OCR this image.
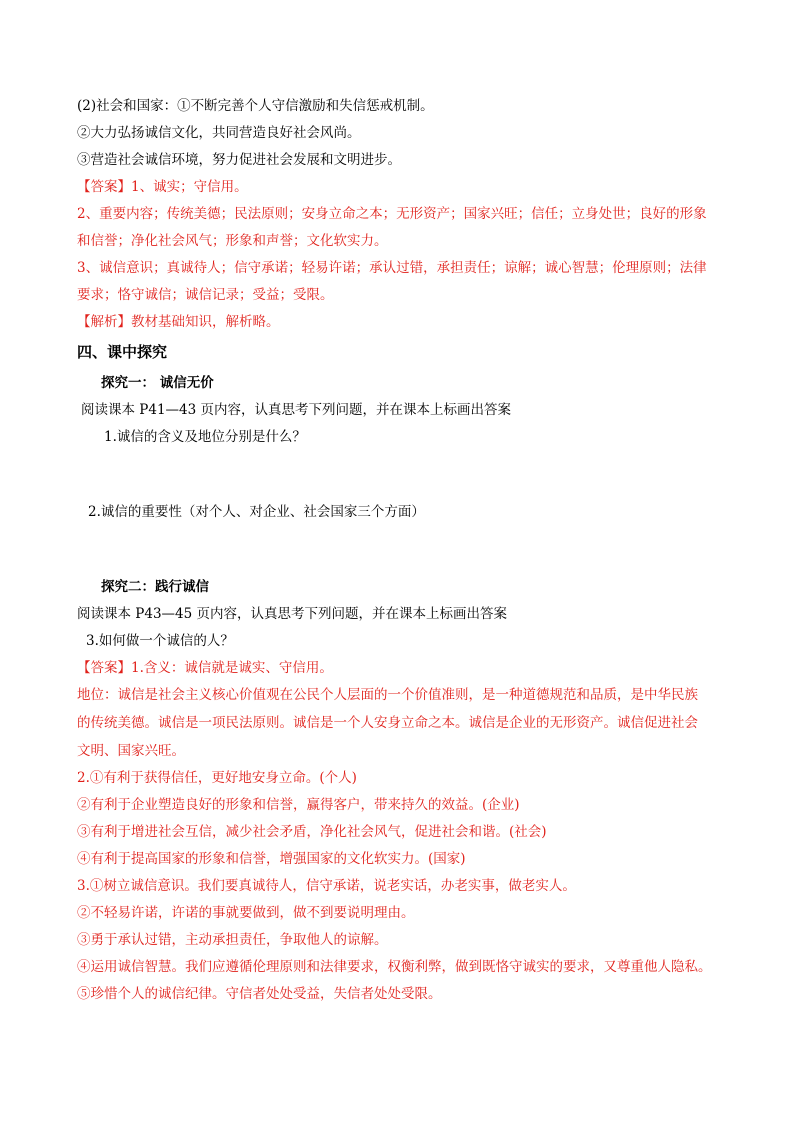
(2)社会和国家：①不断完善个人守信激励和失信惩戒机制。
②大力弘扬诚信文化，共同营造良好社会风尚。
③营造社会诚信环境，努力促进社会发展和文明进步。
【答案】1、诚实；守信用。
2、重要内容；传统美德；民法原则；安身立命之本；无形资产；国家兴旺；信任；立身处世；良好的形象
和信誉；净化社会风气；形象和声誉；文化软实力。
3、诚信意识；真诚待人；信守承诺；轻易许诺；承认过错，承担责任；谅解；诚心智慧；伦理原则；法律
要求；恪守诚信；诚信记录；受益；受限。
【解析】教材基础知识，解析略。
四、课中探究
探究一： 诚信无价
阅读课本 P41—43 页内容，认真思考下列问题，并在课本上标画出答案
1.诚信的含义及地位分别是什么？
2.诚信的重要性（对个人、对企业、社会国家三个方面）
探究二：践行诚信
阅读课本 P43—45 页内容，认真思考下列问题，并在课本上标画出答案
3.如何做一个诚信的人？
【答案】1.含义：诚信就是诚实、守信用。
地位：诚信是社会主义核心价值观在公民个人层面的一个价值准则，是一种道德规范和品质，是中华民族
的传统美德。诚信是一项民法原则。诚信是一个人安身立命之本。诚信是企业的无形资产。诚信促进社会
文明、国家兴旺。
2.①有利于获得信任，更好地安身立命。(个人)
②有利于企业塑造良好的形象和信誉，赢得客户，带来持久的效益。(企业)
③有利于增进社会互信，减少社会矛盾，净化社会风气，促进社会和谐。(社会)
④有利于提高国家的形象和信誉，增强国家的文化软实力。(国家)
3.①树立诚信意识。我们要真诚待人，信守承诺，说老实话，办老实事，做老实人。
②不轻易许诺，许诺的事就要做到，做不到要说明理由。
③勇于承认过错，主动承担责任，争取他人的谅解。
④运用诚信智慧。我们应遵循伦理原则和法律要求，权衡利弊，做到既恪守诚实的要求，又尊重他人隐私。
⑤珍惜个人的诚信纪律。守信者处处受益，失信者处处受限。
